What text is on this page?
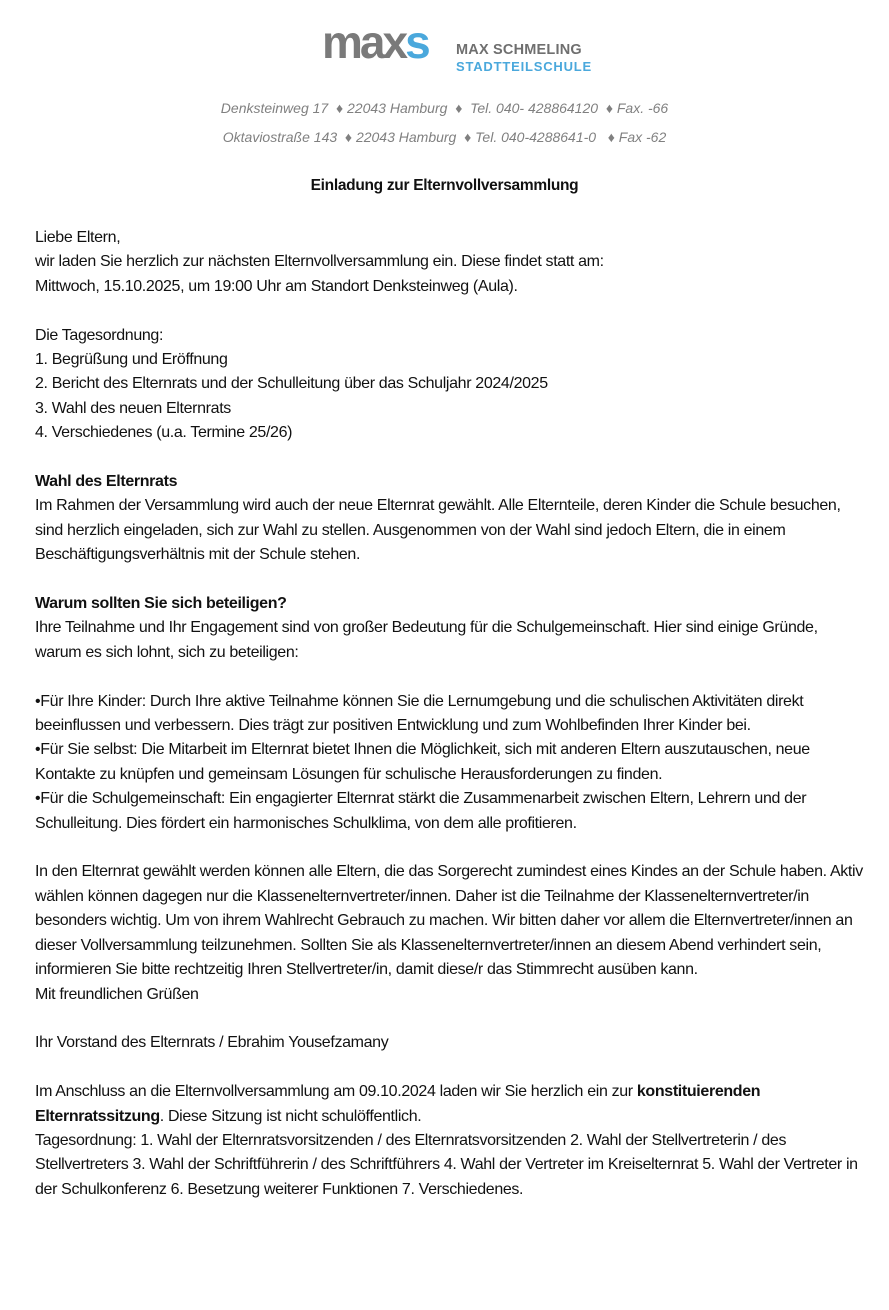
maxs MAX SCHMELING
STADTTEILSCHULE
Denksteinweg 17  ♦ 22043 Hamburg  ♦  Tel. 040- 428864120  ♦ Fax. -66
Oktaviostraße 143  ♦ 22043 Hamburg  ♦ Tel. 040-4288641-0   ♦ Fax -62
Einladung zur Elternvollversammlung

Liebe Eltern,

wir laden Sie herzlich zur nächsten Elternvollversammlung ein. Diese findet statt am:

Mittwoch, 15.10.2025, um 19:00 Uhr am Standort Denksteinweg (Aula).

Die Tagesordnung:

1. Begrüßung und Eröffnung

2. Bericht des Elternrats und der Schulleitung über das Schuljahr 2024/2025

3. Wahl des neuen Elternrats

4. Verschiedenes (u.a. Termine 25/26)

Wahl des Elternrats

Im Rahmen der Versammlung wird auch der neue Elternrat gewählt. Alle Elternteile, deren Kinder die Schule besuchen, sind herzlich eingeladen, sich zur Wahl zu stellen. Ausgenommen von der Wahl sind jedoch Eltern, die in einem Beschäftigungsverhältnis mit der Schule stehen.

Warum sollten Sie sich beteiligen?

Ihre Teilnahme und Ihr Engagement sind von großer Bedeutung für die Schulgemeinschaft. Hier sind einige Gründe, warum es sich lohnt, sich zu beteiligen:

•Für Ihre Kinder: Durch Ihre aktive Teilnahme können Sie die Lernumgebung und die schulischen Aktivitäten direkt beeinflussen und verbessern. Dies trägt zur positiven Entwicklung und zum Wohlbefinden Ihrer Kinder bei.

•Für Sie selbst: Die Mitarbeit im Elternrat bietet Ihnen die Möglichkeit, sich mit anderen Eltern auszutauschen, neue Kontakte zu knüpfen und gemeinsam Lösungen für schulische Herausforderungen zu finden.

•Für die Schulgemeinschaft: Ein engagierter Elternrat stärkt die Zusammenarbeit zwischen Eltern, Lehrern und der Schulleitung. Dies fördert ein harmonisches Schulklima, von dem alle profitieren.

In den Elternrat gewählt werden können alle Eltern, die das Sorgerecht zumindest eines Kindes an der Schule haben. Aktiv wählen können dagegen nur die Klassenelternvertreter/innen. Daher ist die Teilnahme der Klassenelternvertreter/in besonders wichtig. Um von ihrem Wahlrecht Gebrauch zu machen. Wir bitten daher vor allem die Elternvertreter/innen an dieser Vollversammlung teilzunehmen. Sollten Sie als Klassenelternvertreter/innen an diesem Abend verhindert sein, informieren Sie bitte rechtzeitig Ihren Stellvertreter/in, damit diese/r das Stimmrecht ausüben kann.

Mit freundlichen Grüßen

Ihr Vorstand des Elternrats / Ebrahim Yousefzamany

Im Anschluss an die Elternvollversammlung am 09.10.2024 laden wir Sie herzlich ein zur konstituierenden Elternratssitzung. Diese Sitzung ist nicht schulöffentlich.

Tagesordnung: 1. Wahl der Elternratsvorsitzenden / des Elternratsvorsitzenden 2. Wahl der Stellvertreterin / des Stellvertreters 3. Wahl der Schriftführerin / des Schriftführers 4. Wahl der Vertreter im Kreiselternrat 5. Wahl der Vertreter in der Schulkonferenz 6. Besetzung weiterer Funktionen 7. Verschiedenes.
